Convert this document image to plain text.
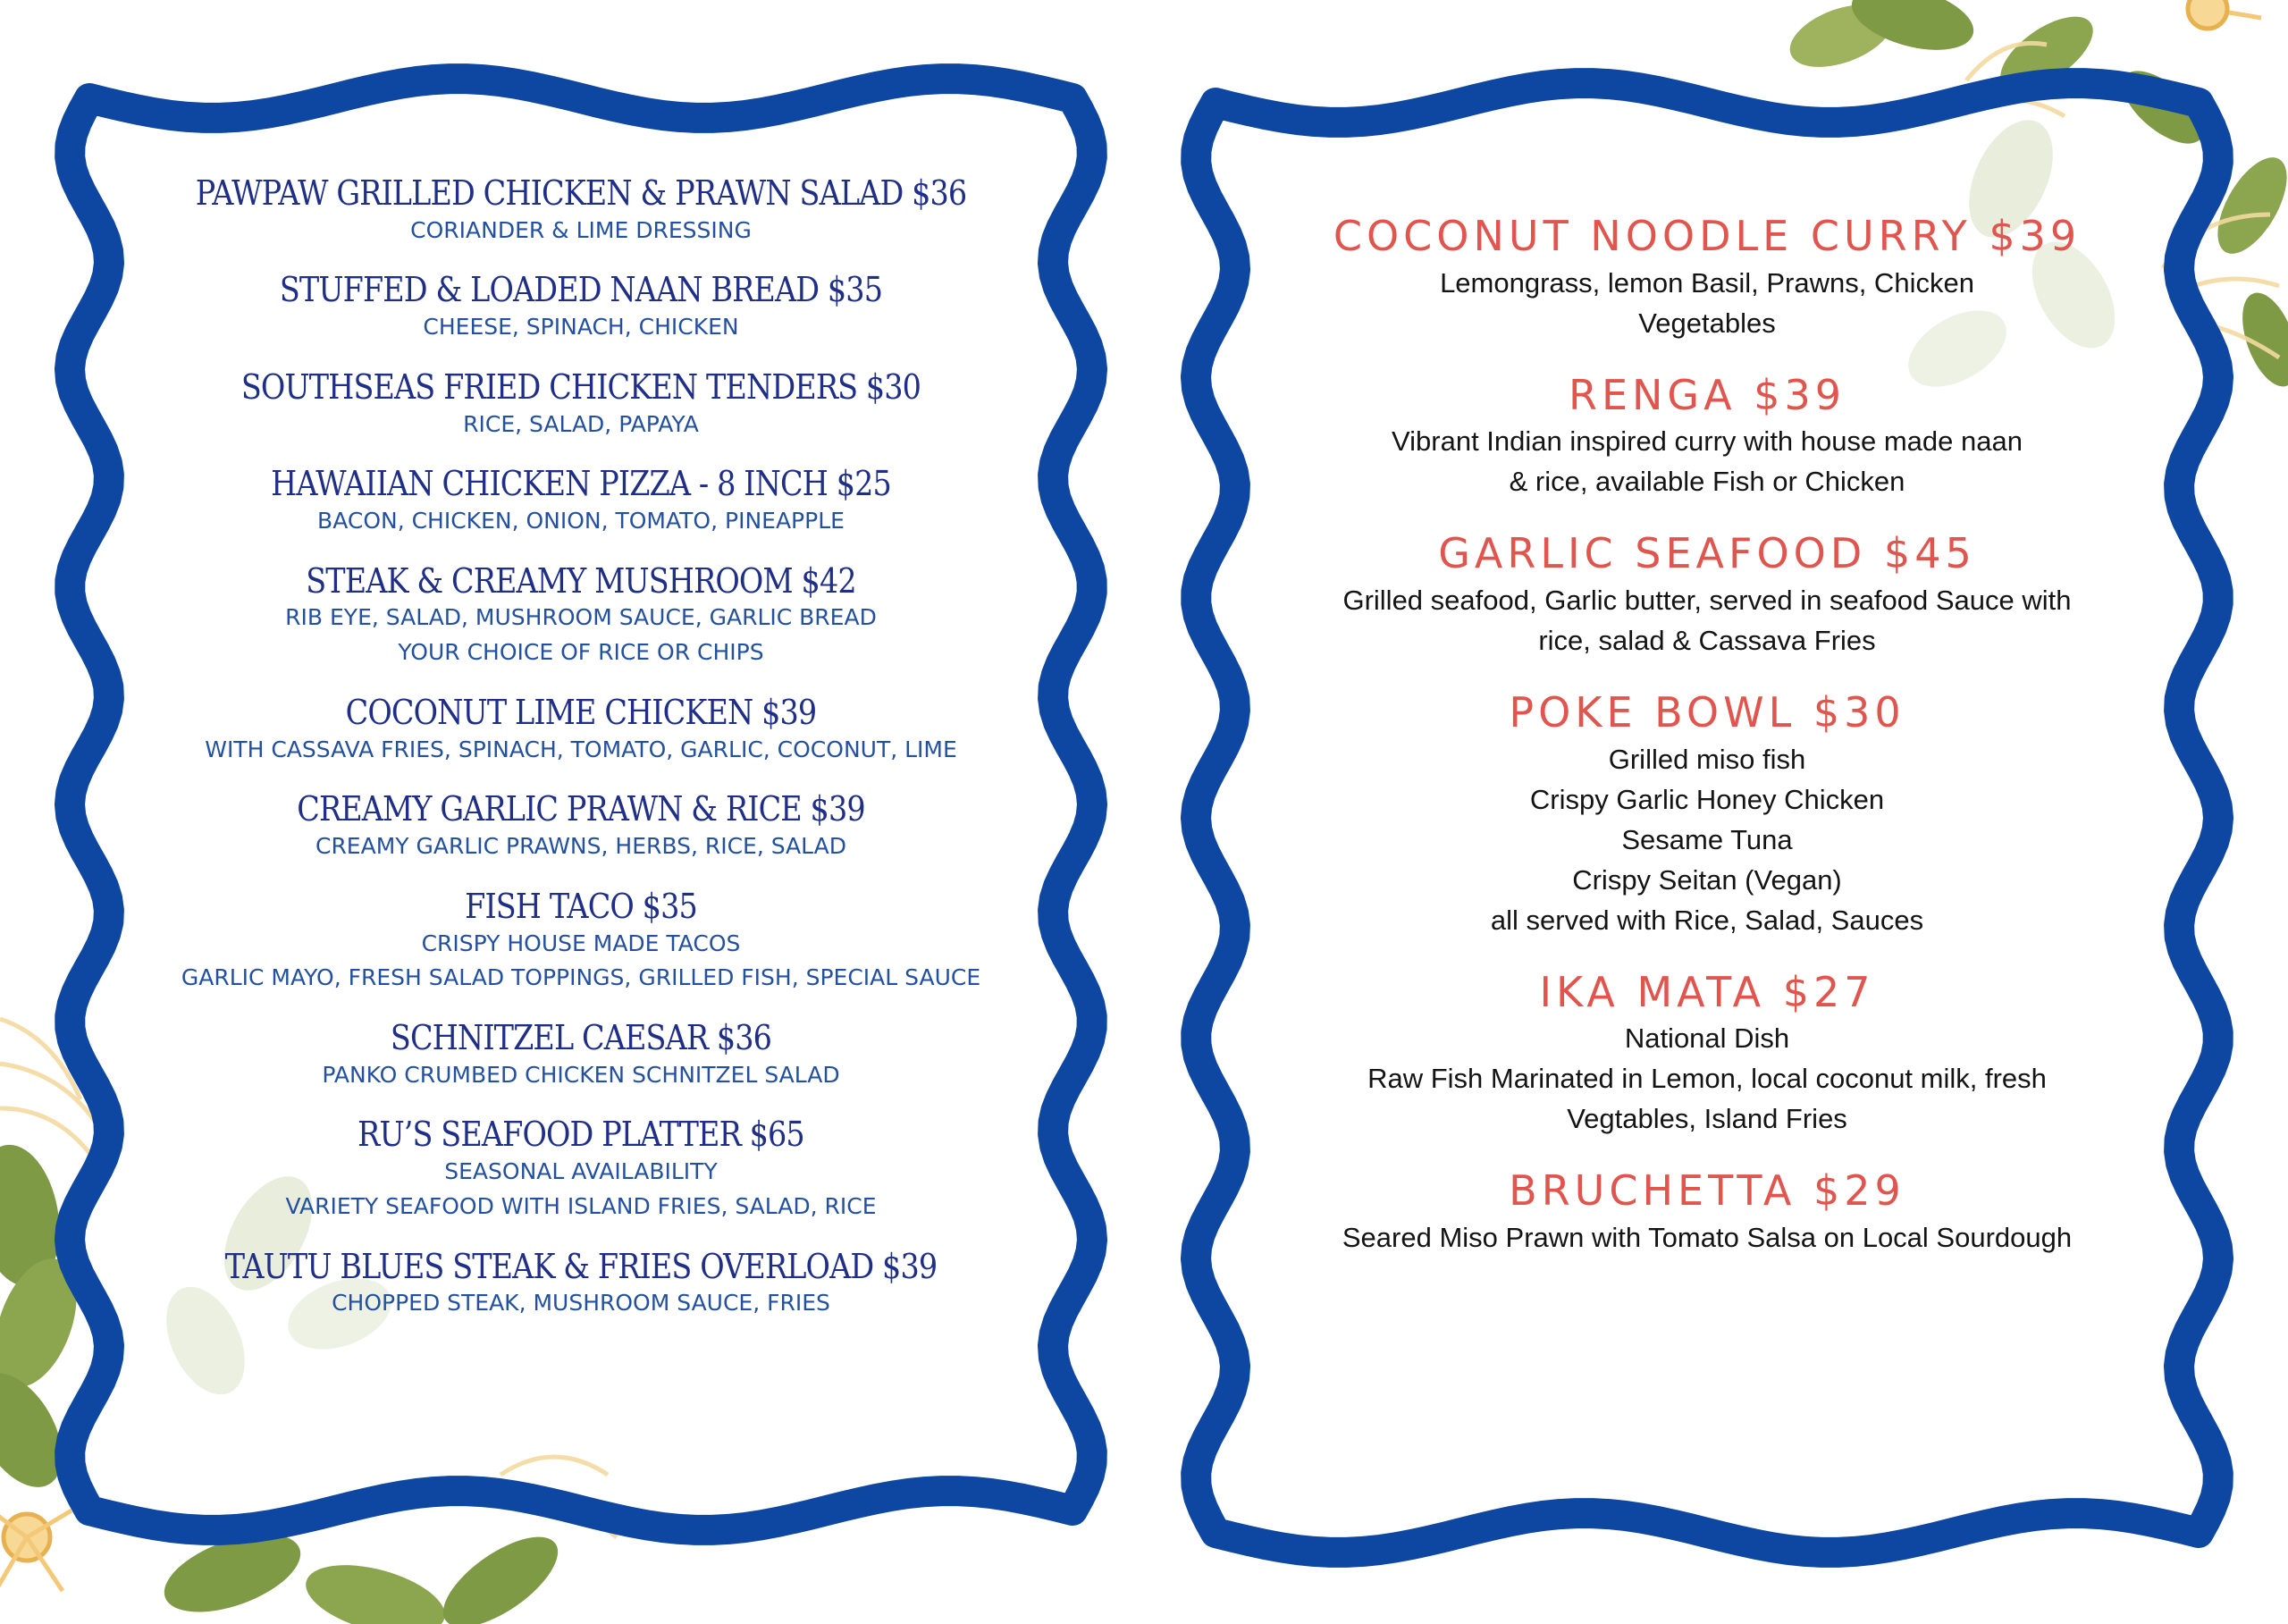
PAWPAW GRILLED CHICKEN & PRAWN SALAD $36
CORIANDER & LIME DRESSING
STUFFED & LOADED NAAN BREAD $35
CHEESE, SPINACH, CHICKEN
SOUTHSEAS FRIED CHICKEN TENDERS $30
RICE, SALAD, PAPAYA
HAWAIIAN CHICKEN PIZZA - 8 INCH $25
BACON, CHICKEN, ONION, TOMATO, PINEAPPLE
STEAK & CREAMY MUSHROOM $42
RIB EYE, SALAD, MUSHROOM SAUCE, GARLIC BREAD
YOUR CHOICE OF RICE OR CHIPS
COCONUT LIME CHICKEN $39
WITH CASSAVA FRIES, SPINACH, TOMATO, GARLIC, COCONUT, LIME
CREAMY GARLIC PRAWN & RICE $39
CREAMY GARLIC PRAWNS, HERBS, RICE, SALAD
FISH TACO $35
CRISPY HOUSE MADE TACOS
GARLIC MAYO, FRESH SALAD TOPPINGS, GRILLED FISH, SPECIAL SAUCE
SCHNITZEL CAESAR $36
PANKO CRUMBED CHICKEN SCHNITZEL SALAD
RU’S SEAFOOD PLATTER $65
SEASONAL AVAILABILITY
VARIETY SEAFOOD WITH ISLAND FRIES, SALAD, RICE
TAUTU BLUES STEAK & FRIES OVERLOAD $39
CHOPPED STEAK, MUSHROOM SAUCE, FRIES
COCONUT NOODLE CURRY $39
Lemongrass, lemon Basil, Prawns, Chicken
Vegetables
RENGA $39
Vibrant Indian inspired curry with house made naan
& rice, available Fish or Chicken
GARLIC SEAFOOD $45
Grilled seafood, Garlic butter, served in seafood Sauce with
rice, salad & Cassava Fries
POKE BOWL $30
Grilled miso fish
Crispy Garlic Honey Chicken
Sesame Tuna
Crispy Seitan (Vegan)
all served with Rice, Salad, Sauces
IKA MATA $27
National Dish
Raw Fish Marinated in Lemon, local coconut milk, fresh
Vegtables, Island Fries
BRUCHETTA $29
Seared Miso Prawn with Tomato Salsa on Local Sourdough
